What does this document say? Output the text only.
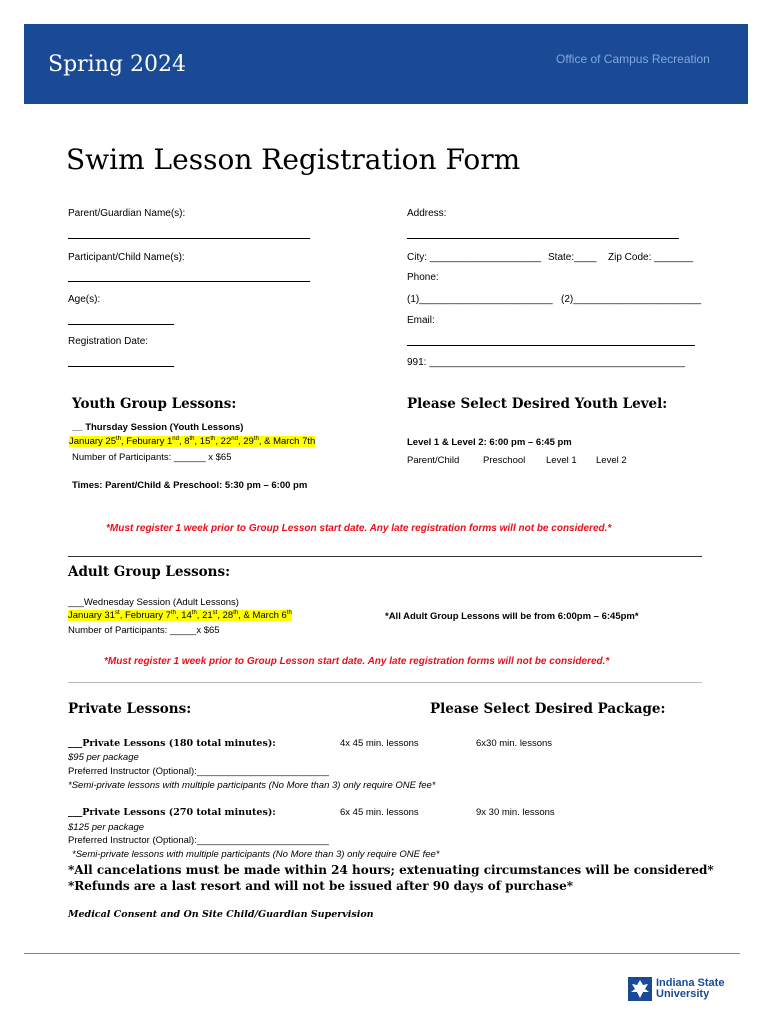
Spring 2024	Office of Campus Recreation
Swim Lesson Registration Form
Parent/Guardian Name(s):
Participant/Child Name(s):
Age(s):
Registration Date:
Address:
City: ____________________ State:____ Zip Code: _______
Phone:
(1)________________________   (2)_______________________
Email:
991: ______________________________________________
Youth Group Lessons:	Please Select Desired Youth Level:
__ Thursday Session (Youth Lessons)
January 25th, Feburary 1nd, 8th, 15th, 22nd, 29th, & March 7th
Number of Participants: ______ x $65
Times: Parent/Child & Preschool: 5:30 pm – 6:00 pm
Level 1 & Level 2: 6:00 pm – 6:45 pm
Parent/Child Preschool Level 1 Level 2
*Must register 1 week prior to Group Lesson start date. Any late registration forms will not be considered.*
Adult Group Lessons:
___Wednesday Session (Adult Lessons)
January 31st, February 7th, 14th, 21st, 28th, & March 6th
Number of Participants: _____x $65
*All Adult Group Lessons will be from 6:00pm – 6:45pm*
*Must register 1 week prior to Group Lesson start date. Any late registration forms will not be considered.*
Private Lessons:	Please Select Desired Package:
___Private Lessons (180 total minutes):	4x 45 min. lessons	6x30 min. lessons
$95 per package
Preferred Instructor (Optional):_________________________
*Semi-private lessons with multiple participants (No More than 3) only require ONE fee*
___Private Lessons (270 total minutes):	6x 45 min. lessons	9x 30 min. lessons
$125 per package
Preferred Instructor (Optional):_________________________
*Semi-private lessons with multiple participants (No More than 3) only require ONE fee*
*All cancelations must be made within 24 hours; extenuating circumstances will be considered*
*Refunds are a last resort and will not be issued after 90 days of purchase*
Medical Consent and On Site Child/Guardian Supervision
Indiana State
University
